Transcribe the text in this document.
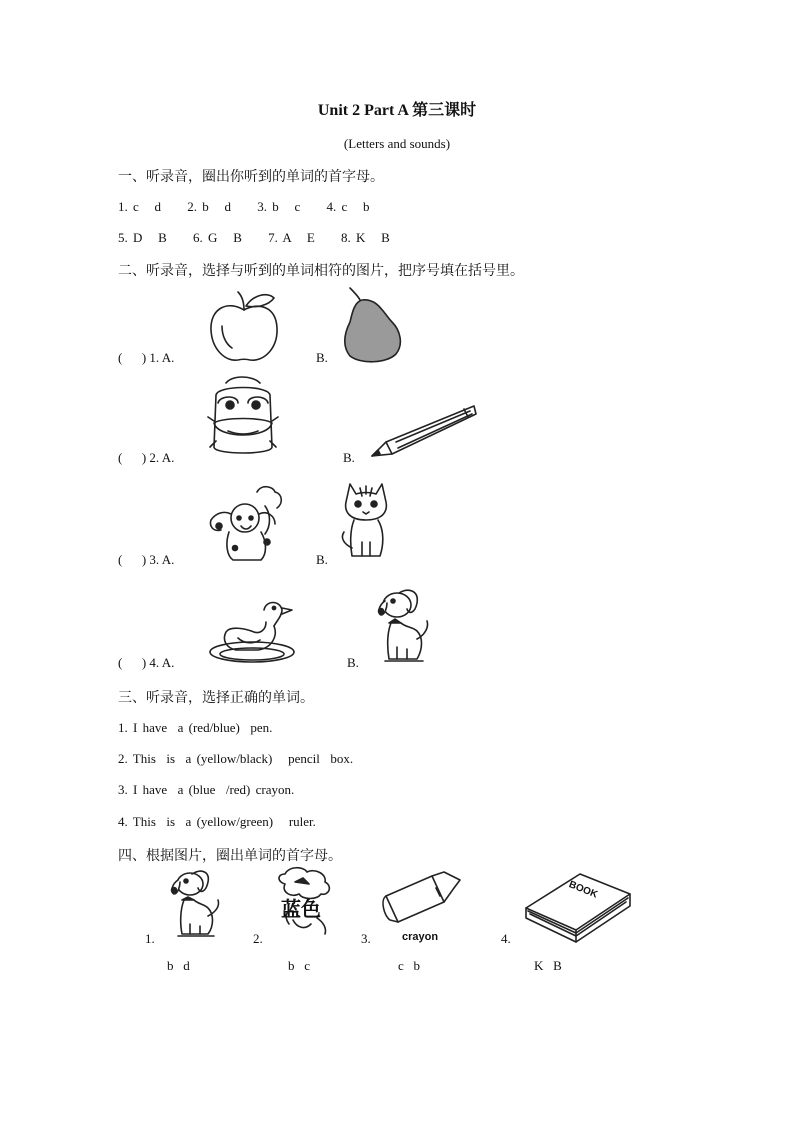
Unit 2 Part A 第三课时
(Letters and sounds)
一、听录音，圈出你听到的单词的首字母。
1. c   d     2. b   d     3. b   c     4. c   b
5. D   B     6. G   B     7. A   E     8. K   B
二、听录音，选择与听到的单词相符的图片，把序号填在括号里。
(      ) 1. A.	B.
(      ) 2. A.	B.
(      ) 3. A.	B.
(      ) 4. A.	B.
三、听录音，选择正确的单词。
1. I have  a (red/blue)  pen.
2. This  is  a (yellow/black)   pencil  box.
3. I have  a (blue  /red) crayon.
4. This  is  a (yellow/green)   ruler.
四、根据图片，圈出单词的首字母。
1.	2.	3.	4.
b   d	b   c	c   b	K   B
蓝色
crayon
BOOK
